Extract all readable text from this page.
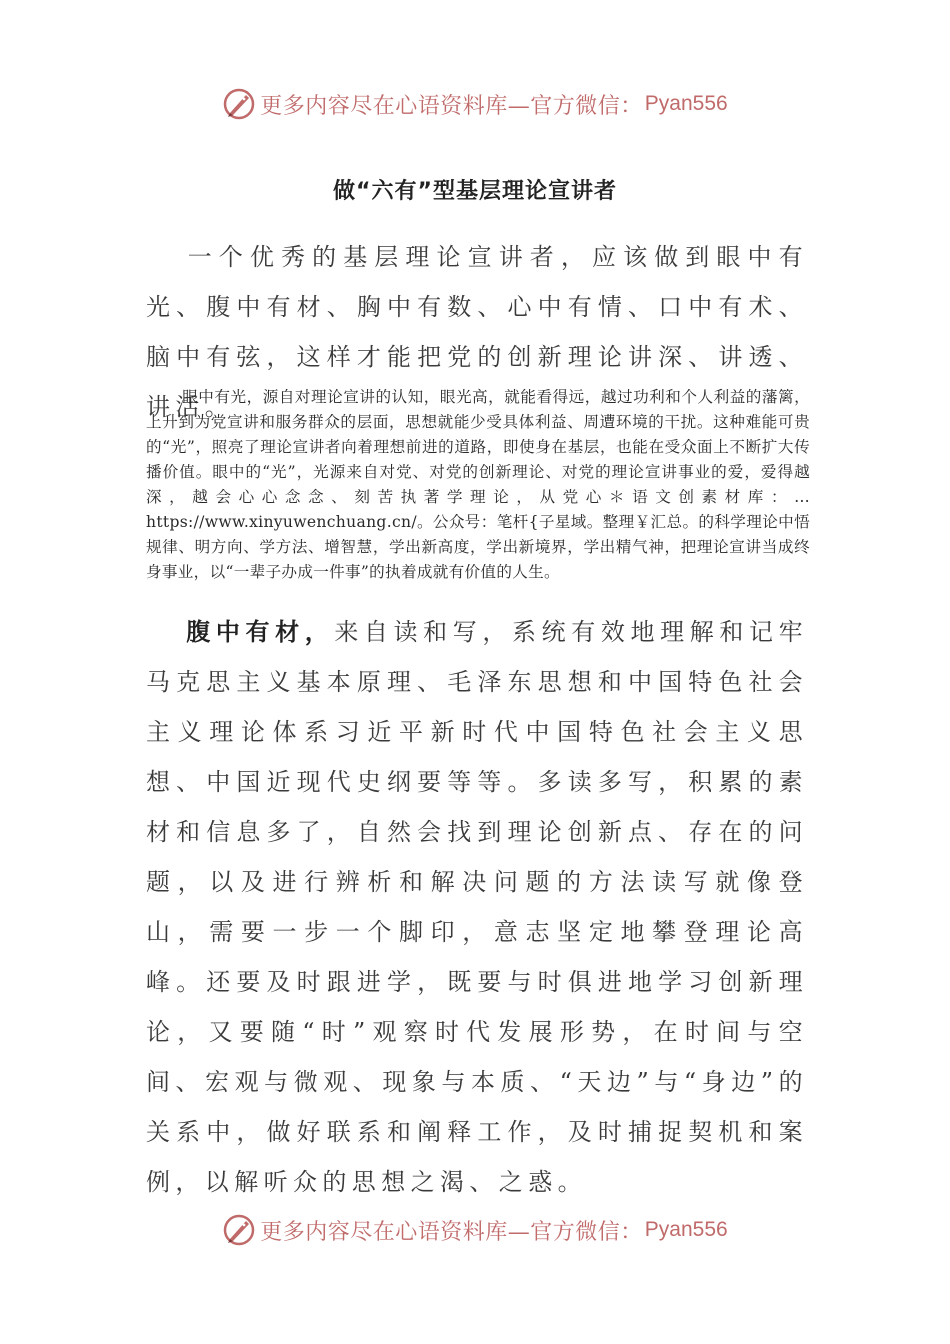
更多内容尽在心语资料库—官方微信： Pyan556
做“六有”型基层理论宣讲者
一个优秀的基层理论宣讲者，应该做到眼中有光、腹中有材、胸中有数、心中有情、口中有术、脑中有弦，这样才能把党的创新理论讲深、讲透、讲活。
眼中有光，源自对理论宣讲的认知，眼光高，就能看得远，越过功利和个人利益的藩篱，上升到为党宣讲和服务群众的层面，思想就能少受具体利益、周遭环境的干扰。这种难能可贵的“光”，照亮了理论宣讲者向着理想前进的道路，即使身在基层，也能在受众面上不断扩大传播价值。眼中的“光”，光源来自对党、对党的创新理论、对党的理论宣讲事业的爱，爱得越深，越会心心念念、刻苦执著学理论，从党心＊语文创素材库：… https://www.xinyuwenchuang.cn/。公众号：笔杆{子星域。整理￥汇总。的科学理论中悟规律、明方向、学方法、增智慧，学出新高度，学出新境界，学出精气神，把理论宣讲当成终身事业，以“一辈子办成一件事”的执着成就有价值的人生。
腹中有材，来自读和写，系统有效地理解和记牢马克思主义基本原理、毛泽东思想和中国特色社会主义理论体系习近平新时代中国特色社会主义思想、中国近现代史纲要等等。多读多写，积累的素材和信息多了，自然会找到理论创新点、存在的问题，以及进行辨析和解决问题的方法读写就像登山，需要一步一个脚印，意志坚定地攀登理论高峰。还要及时跟进学，既要与时俱进地学习创新理论，又要随“时”观察时代发展形势，在时间与空间、宏观与微观、现象与本质、“天边”与“身边”的关系中，做好联系和阐释工作，及时捕捉契机和案例，以解听众的思想之渴、之惑。
更多内容尽在心语资料库—官方微信： Pyan556
